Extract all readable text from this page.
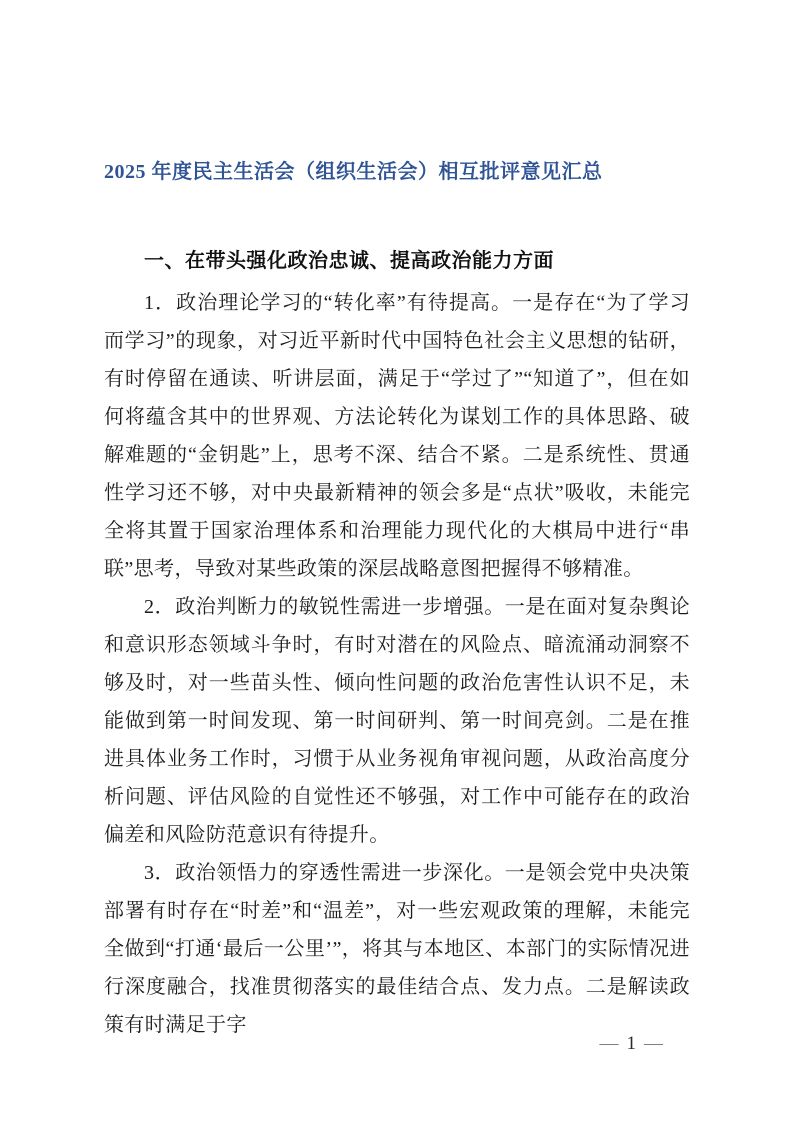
2025 年度民主生活会（组织生活会）相互批评意见汇总
一、在带头强化政治忠诚、提高政治能力方面

1．政治理论学习的“转化率”有待提高。一是存在“为了学习而学习”的现象，对习近平新时代中国特色社会主义思想的钻研，有时停留在通读、听讲层面，满足于“学过了”“知道了”，但在如何将蕴含其中的世界观、方法论转化为谋划工作的具体思路、破解难题的“金钥匙”上，思考不深、结合不紧。二是系统性、贯通性学习还不够，对中央最新精神的领会多是“点状”吸收，未能完全将其置于国家治理体系和治理能力现代化的大棋局中进行“串联”思考，导致对某些政策的深层战略意图把握得不够精准。

2．政治判断力的敏锐性需进一步增强。一是在面对复杂舆论和意识形态领域斗争时，有时对潜在的风险点、暗流涌动洞察不够及时，对一些苗头性、倾向性问题的政治危害性认识不足，未能做到第一时间发现、第一时间研判、第一时间亮剑。二是在推进具体业务工作时，习惯于从业务视角审视问题，从政治高度分析问题、评估风险的自觉性还不够强，对工作中可能存在的政治偏差和风险防范意识有待提升。

3．政治领悟力的穿透性需进一步深化。一是领会党中央决策部署有时存在“时差”和“温差”，对一些宏观政策的理解，未能完全做到“打通‘最后一公里’”，将其与本地区、本部门的实际情况进行深度融合，找准贯彻落实的最佳结合点、发力点。二是解读政策有时满足于字

— 1 —
